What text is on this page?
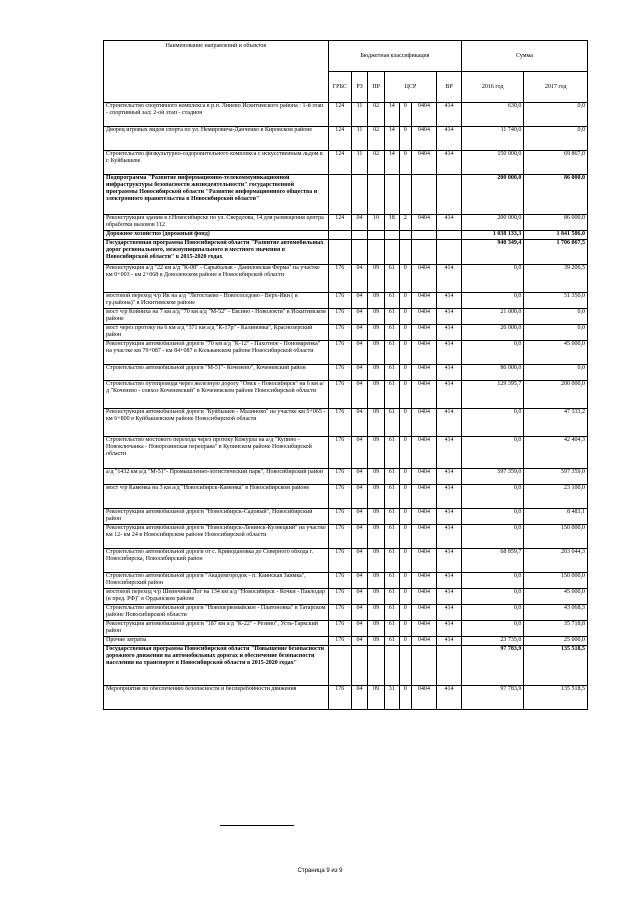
Наименование направлений и объектов	Бюджетная классификация							Сумма	
	ГРБС	РЗ	ПР	ЦСР			ВР	2016 год	2017 год
Строительство спортивного комплекса в р.п. Линево Искитимского района : 1-й этап - спортивный зал; 2-ой этап - стадион	124	11	02	14	0	0404	414	630,0	0,0
Дворец игровых видов спорта по ул. Немировича-Данченко в Кировском районе	124	11	02	14	0	0404	414	11 740,0	0,0
Строительство физкультурно-оздоровительного комплекса с искусственным льдом в г. Куйбышеве	124	11	02	14	0	0404	414	150 000,0	69 867,0
Подпрограмма "Развитие информационно-телекоммуникационной инфраструктуры безопасности жизнедеятельности" государственной программы Новосибирской области "Развитие информационного общества и электронного правительства в Новосибирской области"								200 000,0	86 000,0
Реконструкция здания в г.Новосибирске по ул. Свердлова, 14 для размещения центра обработки вызовов 112	124	04	10	18	2	0404	414	200 000,0	86 000,0
Дорожное хозяйство (дорожный фонд)								1 038 133,3	1 841 586,0
Государственная программа Новосибирской области "Развитие автомобильных дорог регионального, межмуниципального и местного значения в Новосибирской области" в 2015-2020 годах								940 349,4	1 706 067,5
Реконструкция а/д "22 км а/д "К-08" - Сарыбалык - Даниловская Ферма" на участке км 0+003 - км 2+068 в Доволенском районе в Новосибирской области	176	04	09	61	0	0404	414	0,0	39 206,5
мостовой переход ч/р Ик на а/д "Легостаево - Новососедово - Верх-Ики ( в гр.района)" в Искитимском районе	176	04	09	61	0	0404	414	0,0	51 350,0
мост ч/р Койниха на 7 км а/д "70 км а/д "М-52" - Евсино - Новолокти" в Искитимском районе	176	04	09	61	0	0404	414	21 000,0	0,0
мост через протоку на 6 км а/д "371 км а/д "К-17р" - Калиновка", Краснозерский район	176	04	09	61	0	0404	414	20 000,0	0,0
Реконструкция автомобильной дороги "70 км а/д "К-12" - Пахотное - Пономаренка" на участке км 79+087 - км 84+087 в Кольванском районе Новосибирской области	176	04	09	61	0	0404	414	0,0	45 000,0
Строительство автомобильной дороги "М-51"- Коченево", Коченевский район	176	04	09	61	0	0404	414	80 000,0	0,0
Строительство путепровода через железную дорогу "Омск - Новосибирск" на 6 км а/д "Коченево - совхоз Коченевский" в Коченевском районе Новосибирской области	176	04	09	61	0	0404	414	129 395,7	200 000,0
Реконструкция автомобильной дороги "Куйбышев - Малиново" на участке км 5+065 - км 6+800 в Куйбышевском районе Новосибирской области	176	04	09	61	0	0404	414	0,0	47 333,2
Строительство мостового перехода через протоку Кожурла на а/д "Купино - Новоключанка - Новорозинская переправа" в Купинском районе Новосибирской области	176	04	09	61	0	0404	414	0,0	42 404,3
а/д "1432 км а/д "М-51"- Промышленно-логистический парк", Новосибирский район	176	04	09	61	0	0404	414	597 359,0	597 359,0
мост ч/р Каменка на 3 км а/д "Новосибирск-Каменка" в Новосибирском районе	176	04	09	61	0	0404	414	0,0	23 100,0
Реконструкция автомобильной дороги "Новосибирск-Садовый", Новосибирский район	176	04	09	61	0	0404	414	0,0	8 483,1
Реконструкция автомобильной дороги "Новосибирск-Ленинск-Кузнецкий" на участке км 12- км 24 в Новосибирском районе Новосибирской области	176	04	09	61	0	0404	414	0,0	150 000,0
Строительство автомобильной дороги от с. Криводановка до Северного обхода г. Новосибирска, Новосибирский район	176	04	09	61	0	0404	414	68 859,7	203 044,3
Строительство автомобильной дороги "Академгородок - п. Каинская Заимка", Новосибирский район	176	04	09	61	0	0404	414	0,0	150 000,0
мостовой переход ч/р Шеинчный Лог на 134 км а/д "Новосибирск - Кочки - Павлодар (в пред. РФ)" в Ордынском районе	176	04	09	61	0	0404	414	0,0	45 000,0
Строительство автомобильной дороги "Новопервомайское - Платоновка" в Татарском районе Новосибирской области	176	04	09	61	0	0404	414	0,0	43 068,3
Реконструкция автомобильной дороги "187 км а/д "К-22" - Резино", Усть-Таркский район	176	04	09	61	0	0404	414	0,0	35 718,8
Прочие затраты	176	04	09	61	0	0404	414	23 735,0	25 000,0
Государственная программа Новосибирской области "Повышение безопасности дорожного движения на автомобильных дорогах и обеспечение безопасности населения на транспорте в Новосибирской области в 2015-2020 годах"								97 783,9	135 518,5
Мероприятия по обеспечению безопасности и бесперебойности движения	176	04	09	31	0	0404	414	97 783,9	135 518,5
Страница 9 из 9
